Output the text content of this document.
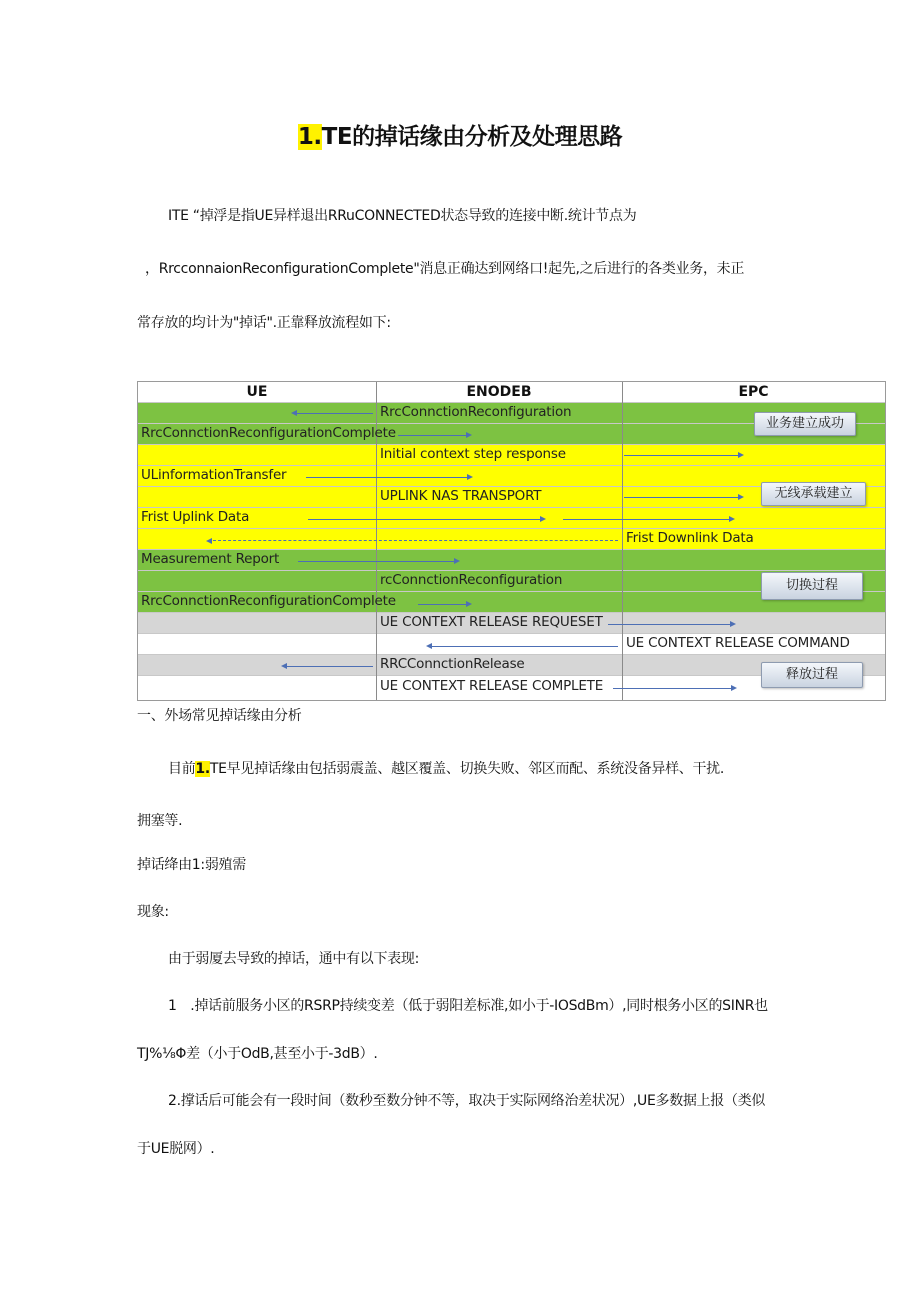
1.TE的掉话缘由分析及处理思路
ITE “掉浮是指UE异样退出RRuCONNECTED状态导致的连接中断.统计节点为
，RrcconnaionReconfigurationComplete"消息正确达到网络口!起先,之后进行的各类业务，未正
常存放的均计为"掉话".正靠释放流程如下:
UE	ENODEB	EPC
RrcConnctionReconfiguration
RrcConnctionReconfigurationComplete
Initial context step response
ULinformationTransfer
UPLINK NAS TRANSPORT
Frist Uplink Data
Frist Downlink Data
Measurement Report
rcConnctionReconfiguration
RrcConnctionReconfigurationComplete
UE CONTEXT RELEASE REQUESET
UE CONTEXT RELEASE COMMAND
RRCConnctionRelease
UE CONTEXT RELEASE COMPLETE
业务建立成功
无线承载建立
切换过程
释放过程
一、外场常见掉话缘由分析
目前1.TE早见掉话缘由包括弱震盖、越区覆盖、切换失败、邻区而配、系统没备异样、干扰.
拥塞等.
掉话绛由1:弱殖需
现象:
由于弱厦去导致的掉话，通中有以下表现:
1　.掉话前服务小区的RSRP持续变差（低于弱阳差标准,如小于-IOSdBm）,同时根务小区的SINR也
TJ%⅛Φ差（小于OdB,甚至小于-3dB）.
2.撑话后可能会有一段时间（数秒至数分钟不等，取决于实际网络治差状况）,UE多数据上报（类似
于UE脱网）.
